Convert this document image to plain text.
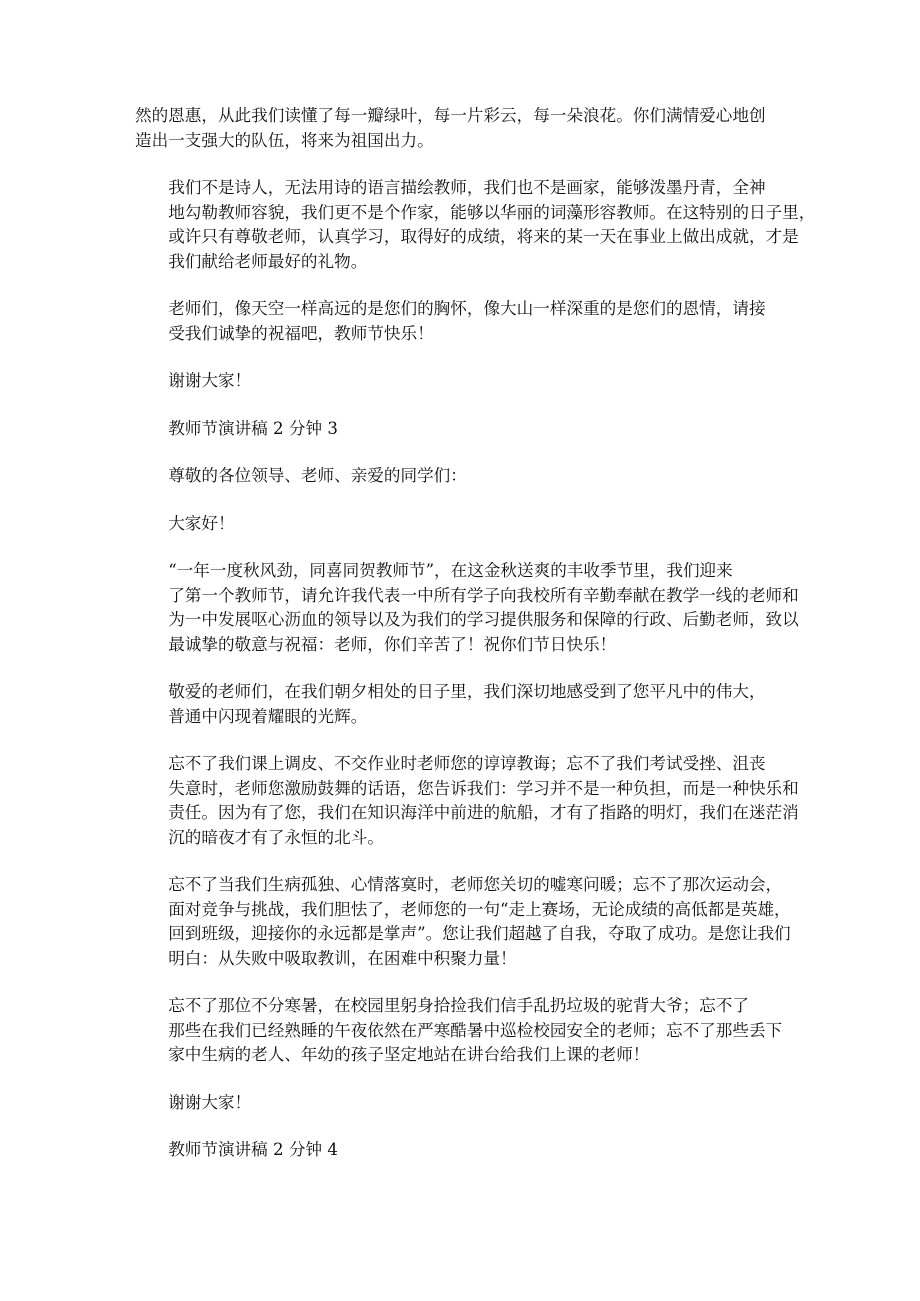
然的恩惠，从此我们读懂了每一瓣绿叶，每一片彩云，每一朵浪花。你们满情爱心地创
造出一支强大的队伍，将来为祖国出力。

我们不是诗人，无法用诗的语言描绘教师，我们也不是画家，能够泼墨丹青，全神
地勾勒教师容貌，我们更不是个作家，能够以华丽的词藻形容教师。在这特别的日子里，
或许只有尊敬老师，认真学习，取得好的成绩，将来的某一天在事业上做出成就，才是
我们献给老师最好的礼物。

老师们，像天空一样高远的是您们的胸怀，像大山一样深重的是您们的恩情，请接
受我们诚挚的祝福吧，教师节快乐！

谢谢大家！

教师节演讲稿 2 分钟 3

尊敬的各位领导、老师、亲爱的同学们：

大家好！

“一年一度秋风劲，同喜同贺教师节”，在这金秋送爽的丰收季节里，我们迎来
了第一个教师节，请允许我代表一中所有学子向我校所有辛勤奉献在教学一线的老师和
为一中发展呕心沥血的领导以及为我们的学习提供服务和保障的行政、后勤老师，致以
最诚挚的敬意与祝福：老师，你们辛苦了！祝你们节日快乐！

敬爱的老师们，在我们朝夕相处的日子里，我们深切地感受到了您平凡中的伟大，
普通中闪现着耀眼的光辉。

忘不了我们课上调皮、不交作业时老师您的谆谆教诲；忘不了我们考试受挫、沮丧
失意时，老师您激励鼓舞的话语，您告诉我们：学习并不是一种负担，而是一种快乐和
责任。因为有了您，我们在知识海洋中前进的航船，才有了指路的明灯，我们在迷茫消
沉的暗夜才有了永恒的北斗。

忘不了当我们生病孤独、心情落寞时，老师您关切的嘘寒问暖；忘不了那次运动会，
面对竞争与挑战，我们胆怯了，老师您的一句“走上赛场，无论成绩的高低都是英雄，
回到班级，迎接你的永远都是掌声”。您让我们超越了自我，夺取了成功。是您让我们
明白：从失败中吸取教训，在困难中积聚力量！

忘不了那位不分寒暑，在校园里躬身拾捡我们信手乱扔垃圾的驼背大爷；忘不了
那些在我们已经熟睡的午夜依然在严寒酷暑中巡检校园安全的老师；忘不了那些丢下
家中生病的老人、年幼的孩子坚定地站在讲台给我们上课的老师！

谢谢大家！

教师节演讲稿 2 分钟 4
